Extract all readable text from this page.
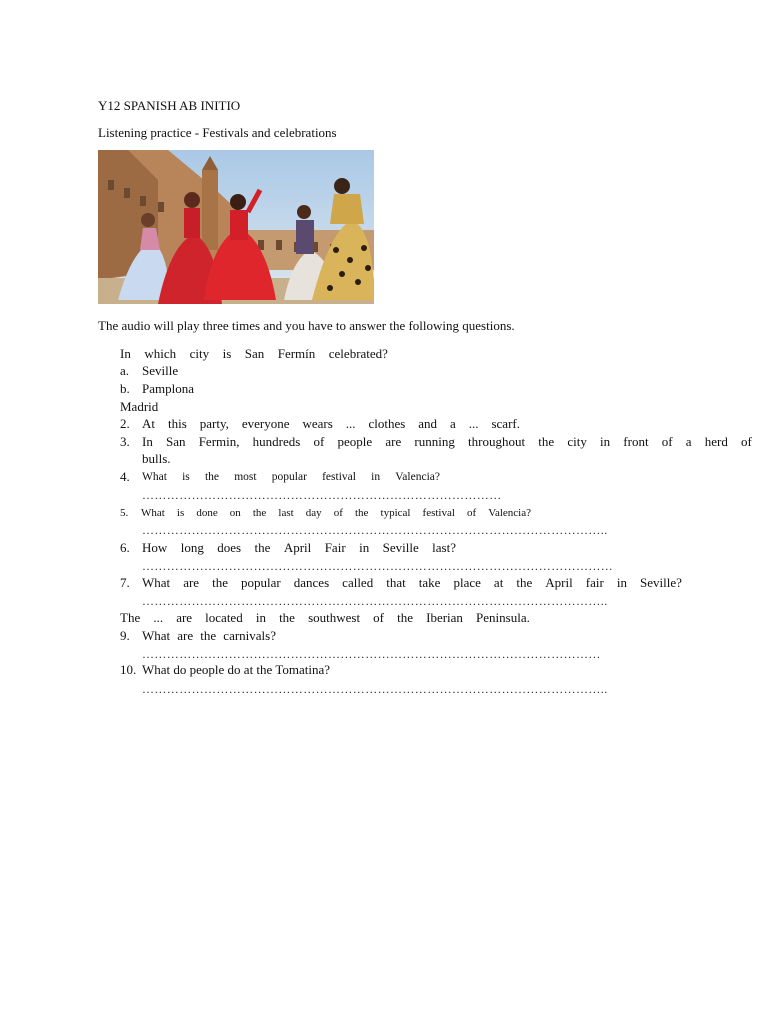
Y12 SPANISH AB INITIO
Listening practice - Festivals and celebrations
The audio will play three times and you have to answer the following questions.
In which city is San Fermín celebrated?
a. Seville
b. Pamplona
Madrid
2. At this party, everyone wears ... clothes and a ... scarf.
3. In San Fermin, hundreds of people are running throughout the city in front of a herd of
bulls.
4. What is the most popular festival in Valencia?
……………………………………………………………………………
5. What is done on the last day of the typical festival of Valencia?
…………………………………………………………………………………………………..
6. How long does the April Fair in Seville last?
……………………………………………………………………………………………………
7. What are the popular dances called that take place at the April fair in Seville?
…………………………………………………………………………………………………..
The ... are located in the southwest of the Iberian Peninsula.
9. What are the carnivals?
…………………………………………………………………………………………………
10. What do people do at the Tomatina?
…………………………………………………………………………………………………..
